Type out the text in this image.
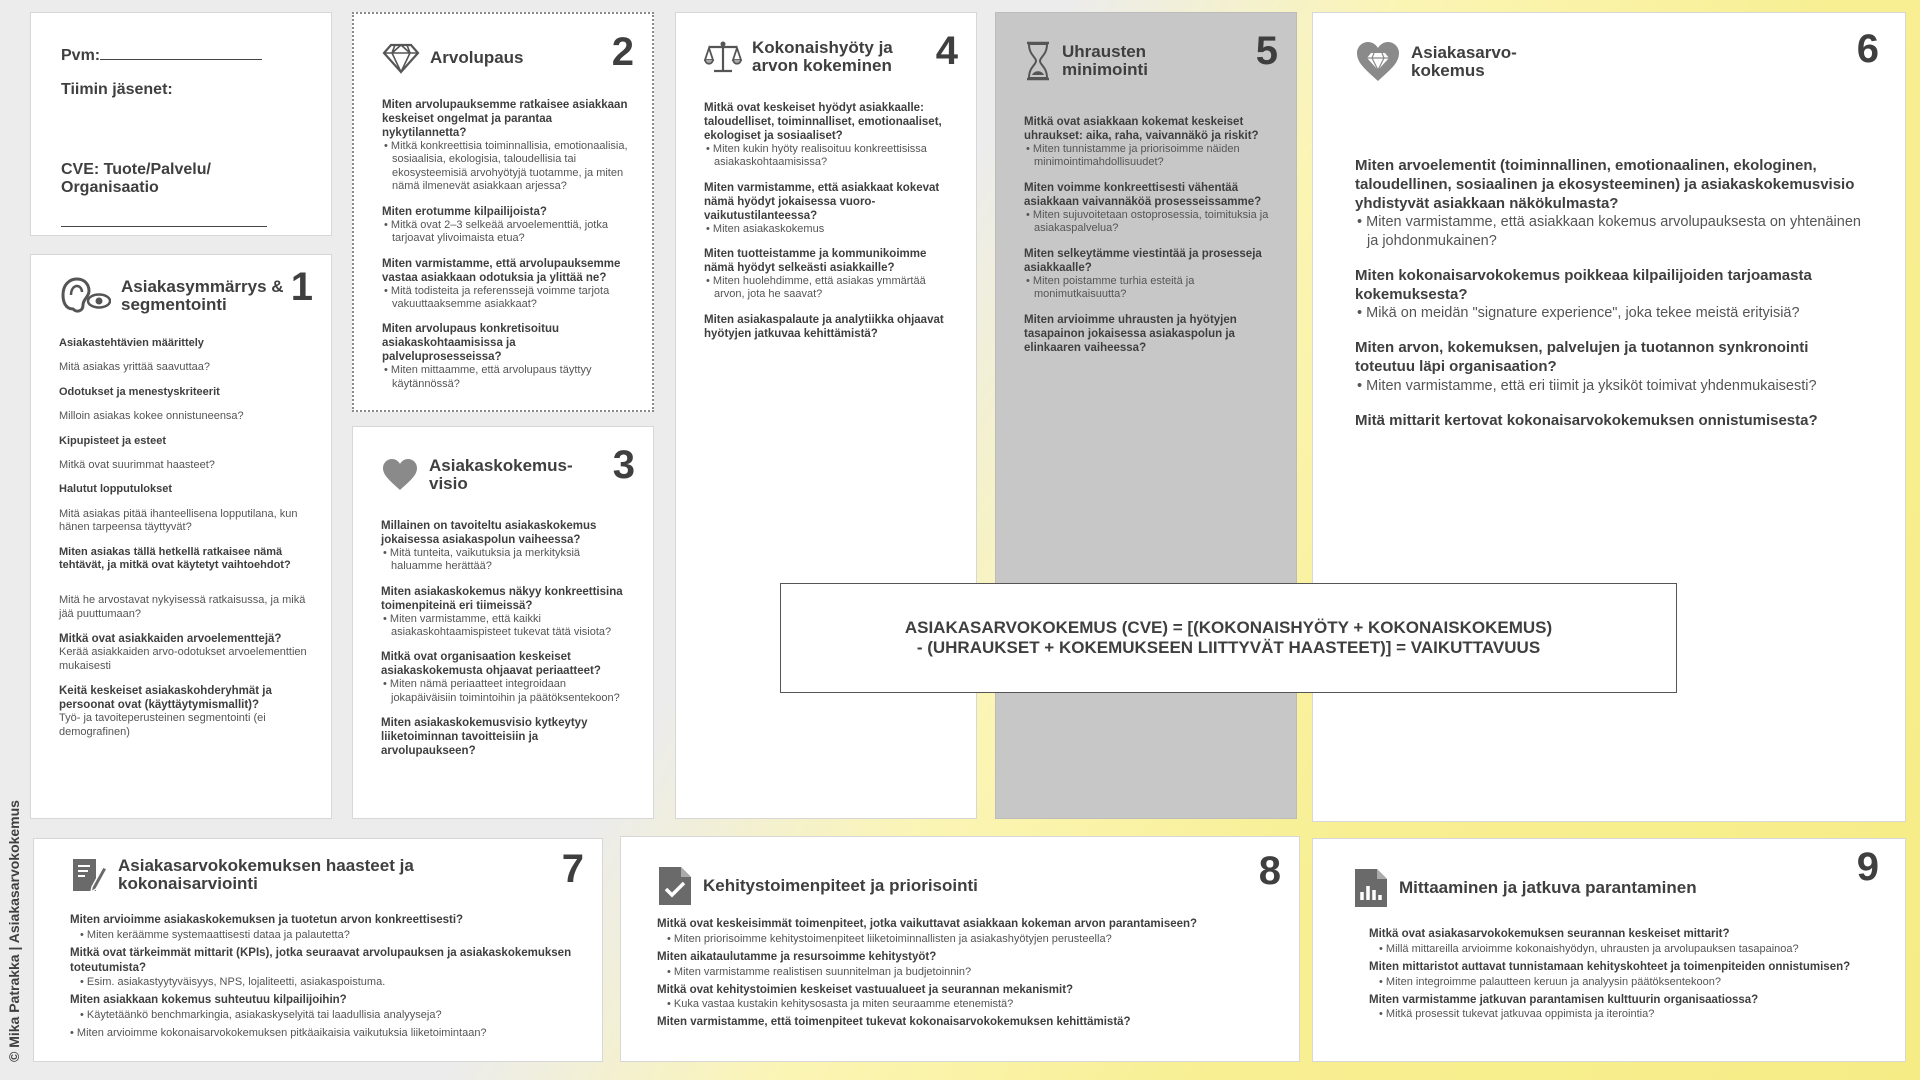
Pvm:
Tiimin jäsenet:
CVE: Tuote/Palvelu/ Organisaatio
1
Asiakasymmärrys & segmentointi
Asiakastehtävien määrittely
Mitä asiakas yrittää saavuttaa?
Odotukset ja menestyskriteerit
Milloin asiakas kokee onnistuneensa?
Kipupisteet ja esteet
Mitkä ovat suurimmat haasteet?
Halutut lopputulokset
Mitä asiakas pitää ihanteellisena lopputilana, kun hänen tarpeensa täyttyvät?
Miten asiakas tällä hetkellä ratkaisee nämä tehtävät, ja mitkä ovat käytetyt vaihtoehdot?
Mitä he arvostavat nykyisessä ratkaisussa, ja mikä jää puuttumaan?
Mitkä ovat asiakkaiden arvoelementtejä?
Kerää asiakkaiden arvo-odotukset arvoelementtien mukaisesti
Keitä keskeiset asiakaskohderyhmät ja persoonat ovat (käyttäytymismallit)?
Työ- ja tavoiteperusteinen segmentointi (ei demografinen)
2
Arvolupaus
Miten arvolupauksemme ratkaisee asiakkaan keskeiset ongelmat ja parantaa nykytilannetta?
• Mitkä konkreettisia toiminnallisia, emotionaalisia, sosiaalisia, ekologisia, taloudellisia tai ekosysteemisiä arvohyötyjä tuotamme, ja miten nämä ilmenevät asiakkaan arjessa?
Miten erotumme kilpailijoista?
• Mitkä ovat 2–3 selkeää arvoelementtiä, jotka tarjoavat ylivoimaista etua?
Miten varmistamme, että arvolupauksemme vastaa asiakkaan odotuksia ja ylittää ne?
• Mitä todisteita ja referenssejä voimme tarjota vakuuttaaksemme asiakkaat?
Miten arvolupaus konkretisoituu asiakaskohtaamisissa ja palveluprosesseissa?
• Miten mittaamme, että arvolupaus täyttyy käytännössä?
3
Asiakaskokemus-visio
Millainen on tavoiteltu asiakaskokemus jokaisessa asiakaspolun vaiheessa?
• Mitä tunteita, vaikutuksia ja merkityksiä haluamme herättää?
Miten asiakaskokemus näkyy konkreettisina toimenpiteinä eri tiimeissä?
• Miten varmistamme, että kaikki asiakaskohtaamispisteet tukevat tätä visiota?
Mitkä ovat organisaation keskeiset asiakaskokemusta ohjaavat periaatteet?
• Miten nämä periaatteet integroidaan jokapäiväisiin toimintoihin ja päätöksentekoon?
Miten asiakaskokemusvisio kytkeytyy liiketoiminnan tavoitteisiin ja arvolupaukseen?
4
Kokonaishyöty ja arvon kokeminen
Mitkä ovat keskeiset hyödyt asiakkaalle: taloudelliset, toiminnalliset, emotionaaliset, ekologiset ja sosiaaliset?
• Miten kukin hyöty realisoituu konkreettisissa asiakaskohtaamisissa?
Miten varmistamme, että asiakkaat kokevat nämä hyödyt jokaisessa vuoro-vaikutustilanteessa?
• Miten asiakaskokemus
Miten tuotteistamme ja kommunikoimme nämä hyödyt selkeästi asiakkaille?
• Miten huolehdimme, että asiakas ymmärtää arvon, jota he saavat?
Miten asiakaspalaute ja analytiikka ohjaavat hyötyjen jatkuvaa kehittämistä?
5
Uhrausten minimointi
Mitkä ovat asiakkaan kokemat keskeiset uhraukset: aika, raha, vaivannäkö ja riskit?
• Miten tunnistamme ja priorisoimme näiden minimointimahdollisuudet?
Miten voimme konkreettisesti vähentää asiakkaan vaivannäköä prosesseissamme?
• Miten sujuvoitetaan ostoprosessia, toimituksia ja asiakaspalvelua?
Miten selkeytämme viestintää ja prosesseja asiakkaalle?
• Miten poistamme turhia esteitä ja monimutkaisuutta?
Miten arvioimme uhrausten ja hyötyjen tasapainon jokaisessa asiakaspolun ja elinkaaren vaiheessa?
6
Asiakasarvo-kokemus
Miten arvoelementit (toiminnallinen, emotionaalinen, ekologinen, taloudellinen, sosiaalinen ja ekosysteeminen) ja asiakaskokemusvisio yhdistyvät asiakkaan näkökulmasta?
• Miten varmistamme, että asiakkaan kokemus arvolupauksesta on yhtenäinen ja johdonmukainen?
Miten kokonaisarvokokemus poikkeaa kilpailijoiden tarjoamasta kokemuksesta?
• Mikä on meidän "signature experience", joka tekee meistä erityisiä?
Miten arvon, kokemuksen, palvelujen ja tuotannon synkronointi toteutuu läpi organisaation?
• Miten varmistamme, että eri tiimit ja yksiköt toimivat yhdenmukaisesti?
Mitä mittarit kertovat kokonaisarvokokemuksen onnistumisesta?
ASIAKASARVOKOKEMUS (CVE) = [(KOKONAISHYÖTY + KOKONAISKOKEMUS)
- (UHRAUKSET + KOKEMUKSEEN LIITTYVÄT HAASTEET)] = VAIKUTTAVUUS
7
Asiakasarvokokemuksen haasteet ja kokonaisarviointi
Miten arvioimme asiakaskokemuksen ja tuotetun arvon konkreettisesti?
• Miten keräämme systemaattisesti dataa ja palautetta?
Mitkä ovat tärkeimmät mittarit (KPIs), jotka seuraavat arvolupauksen ja asiakaskokemuksen toteutumista?
• Esim. asiakastyytyväisyys, NPS, lojaliteetti, asiakaspoistuma.
Miten asiakkaan kokemus suhteutuu kilpailijoihin?
• Käytetäänkö benchmarkingia, asiakaskyselyitä tai laadullisia analyyseja?
• Miten arvioimme kokonaisarvokokemuksen pitkäaikaisia vaikutuksia liiketoimintaan?
8
Kehitystoimenpiteet ja priorisointi
Mitkä ovat keskeisimmät toimenpiteet, jotka vaikuttavat asiakkaan kokeman arvon parantamiseen?
• Miten priorisoimme kehitystoimenpiteet liiketoiminnallisten ja asiakashyötyjen perusteella?
Miten aikataulutamme ja resursoimme kehitystyöt?
• Miten varmistamme realistisen suunnitelman ja budjetoinnin?
Mitkä ovat kehitystoimien keskeiset vastuualueet ja seurannan mekanismit?
• Kuka vastaa kustakin kehitysosasta ja miten seuraamme etenemistä?
Miten varmistamme, että toimenpiteet tukevat kokonaisarvokokemuksen kehittämistä?
9
Mittaaminen ja jatkuva parantaminen
Mitkä ovat asiakasarvokokemuksen seurannan keskeiset mittarit?
• Millä mittareilla arvioimme kokonaishyödyn, uhrausten ja arvolupauksen tasapainoa?
Miten mittaristot auttavat tunnistamaan kehityskohteet ja toimenpiteiden onnistumisen?
• Miten integroimme palautteen keruun ja analyysin päätöksentekoon?
Miten varmistamme jatkuvan parantamisen kulttuurin organisaatiossa?
• Mitkä prosessit tukevat jatkuvaa oppimista ja iterointia?
© Mika Patrakka | Asiakasarvokokemus
